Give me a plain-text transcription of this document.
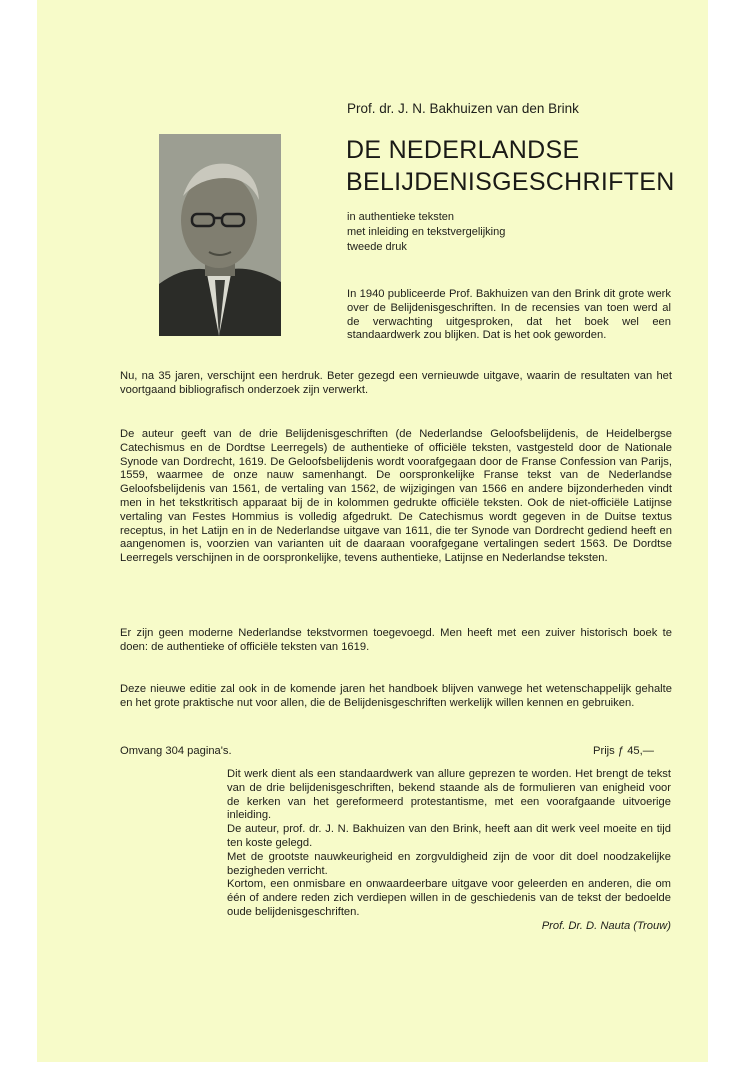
Prof. dr. J. N. Bakhuizen van den Brink

DE NEDERLANDSE
BELIJDENISGESCHRIFTEN
in authentieke teksten
met inleiding en tekstvergelijking
tweede druk

In 1940 publiceerde Prof. Bakhuizen van den Brink dit grote werk over de Belijdenisgeschriften. In de recensies van toen werd al de verwachting uitgesproken, dat het boek wel een standaardwerk zou blijken. Dat is het ook geworden.

Nu, na 35 jaren, verschijnt een herdruk. Beter gezegd een vernieuwde uitgave, waarin de resultaten van het voortgaand bibliografisch onderzoek zijn verwerkt.

De auteur geeft van de drie Belijdenisgeschriften (de Nederlandse Geloofsbelijdenis, de Heidelbergse Catechismus en de Dordtse Leerregels) de authentieke of officiële teksten, vastgesteld door de Nationale Synode van Dordrecht, 1619. De Geloofsbelijdenis wordt voorafgegaan door de Franse Confession van Parijs, 1559, waarmee de onze nauw samenhangt. De oorspronkelijke Franse tekst van de Nederlandse Geloofsbelijdenis van 1561, de vertaling van 1562, de wijzigingen van 1566 en andere bijzonderheden vindt men in het tekstkritisch apparaat bij de in kolommen gedrukte officiële teksten. Ook de niet-officiële Latijnse vertaling van Festes Hommius is volledig afgedrukt. De Catechismus wordt gegeven in de Duitse textus receptus, in het Latijn en in de Nederlandse uitgave van 1611, die ter Synode van Dordrecht gediend heeft en aangenomen is, voorzien van varianten uit de daaraan voorafgegane vertalingen sedert 1563. De Dordtse Leerregels verschijnen in de oorspronkelijke, tevens authentieke, Latijnse en Nederlandse teksten.

Er zijn geen moderne Nederlandse tekstvormen toegevoegd. Men heeft met een zuiver historisch boek te doen: de authentieke of officiële teksten van 1619.

Deze nieuwe editie zal ook in de komende jaren het handboek blijven vanwege het wetenschappelijk gehalte en het grote praktische nut voor allen, die de Belijdenisgeschriften werkelijk willen kennen en gebruiken.

Omvang 304 pagina's.	Prijs ƒ 45,—

Dit werk dient als een standaardwerk van allure geprezen te worden. Het brengt de tekst van de drie belijdenisgeschriften, bekend staande als de formulieren van enigheid voor de kerken van het gereformeerd protestantisme, met een voorafgaande uitvoerige inleiding.

De auteur, prof. dr. J. N. Bakhuizen van den Brink, heeft aan dit werk veel moeite en tijd ten koste gelegd.

Met de grootste nauwkeurigheid en zorgvuldigheid zijn de voor dit doel noodzakelijke bezigheden verricht.

Kortom, een onmisbare en onwaardeerbare uitgave voor geleerden en anderen, die om één of andere reden zich verdiepen willen in de geschiedenis van de tekst der bedoelde oude belijdenisgeschriften.

Prof. Dr. D. Nauta (Trouw)
